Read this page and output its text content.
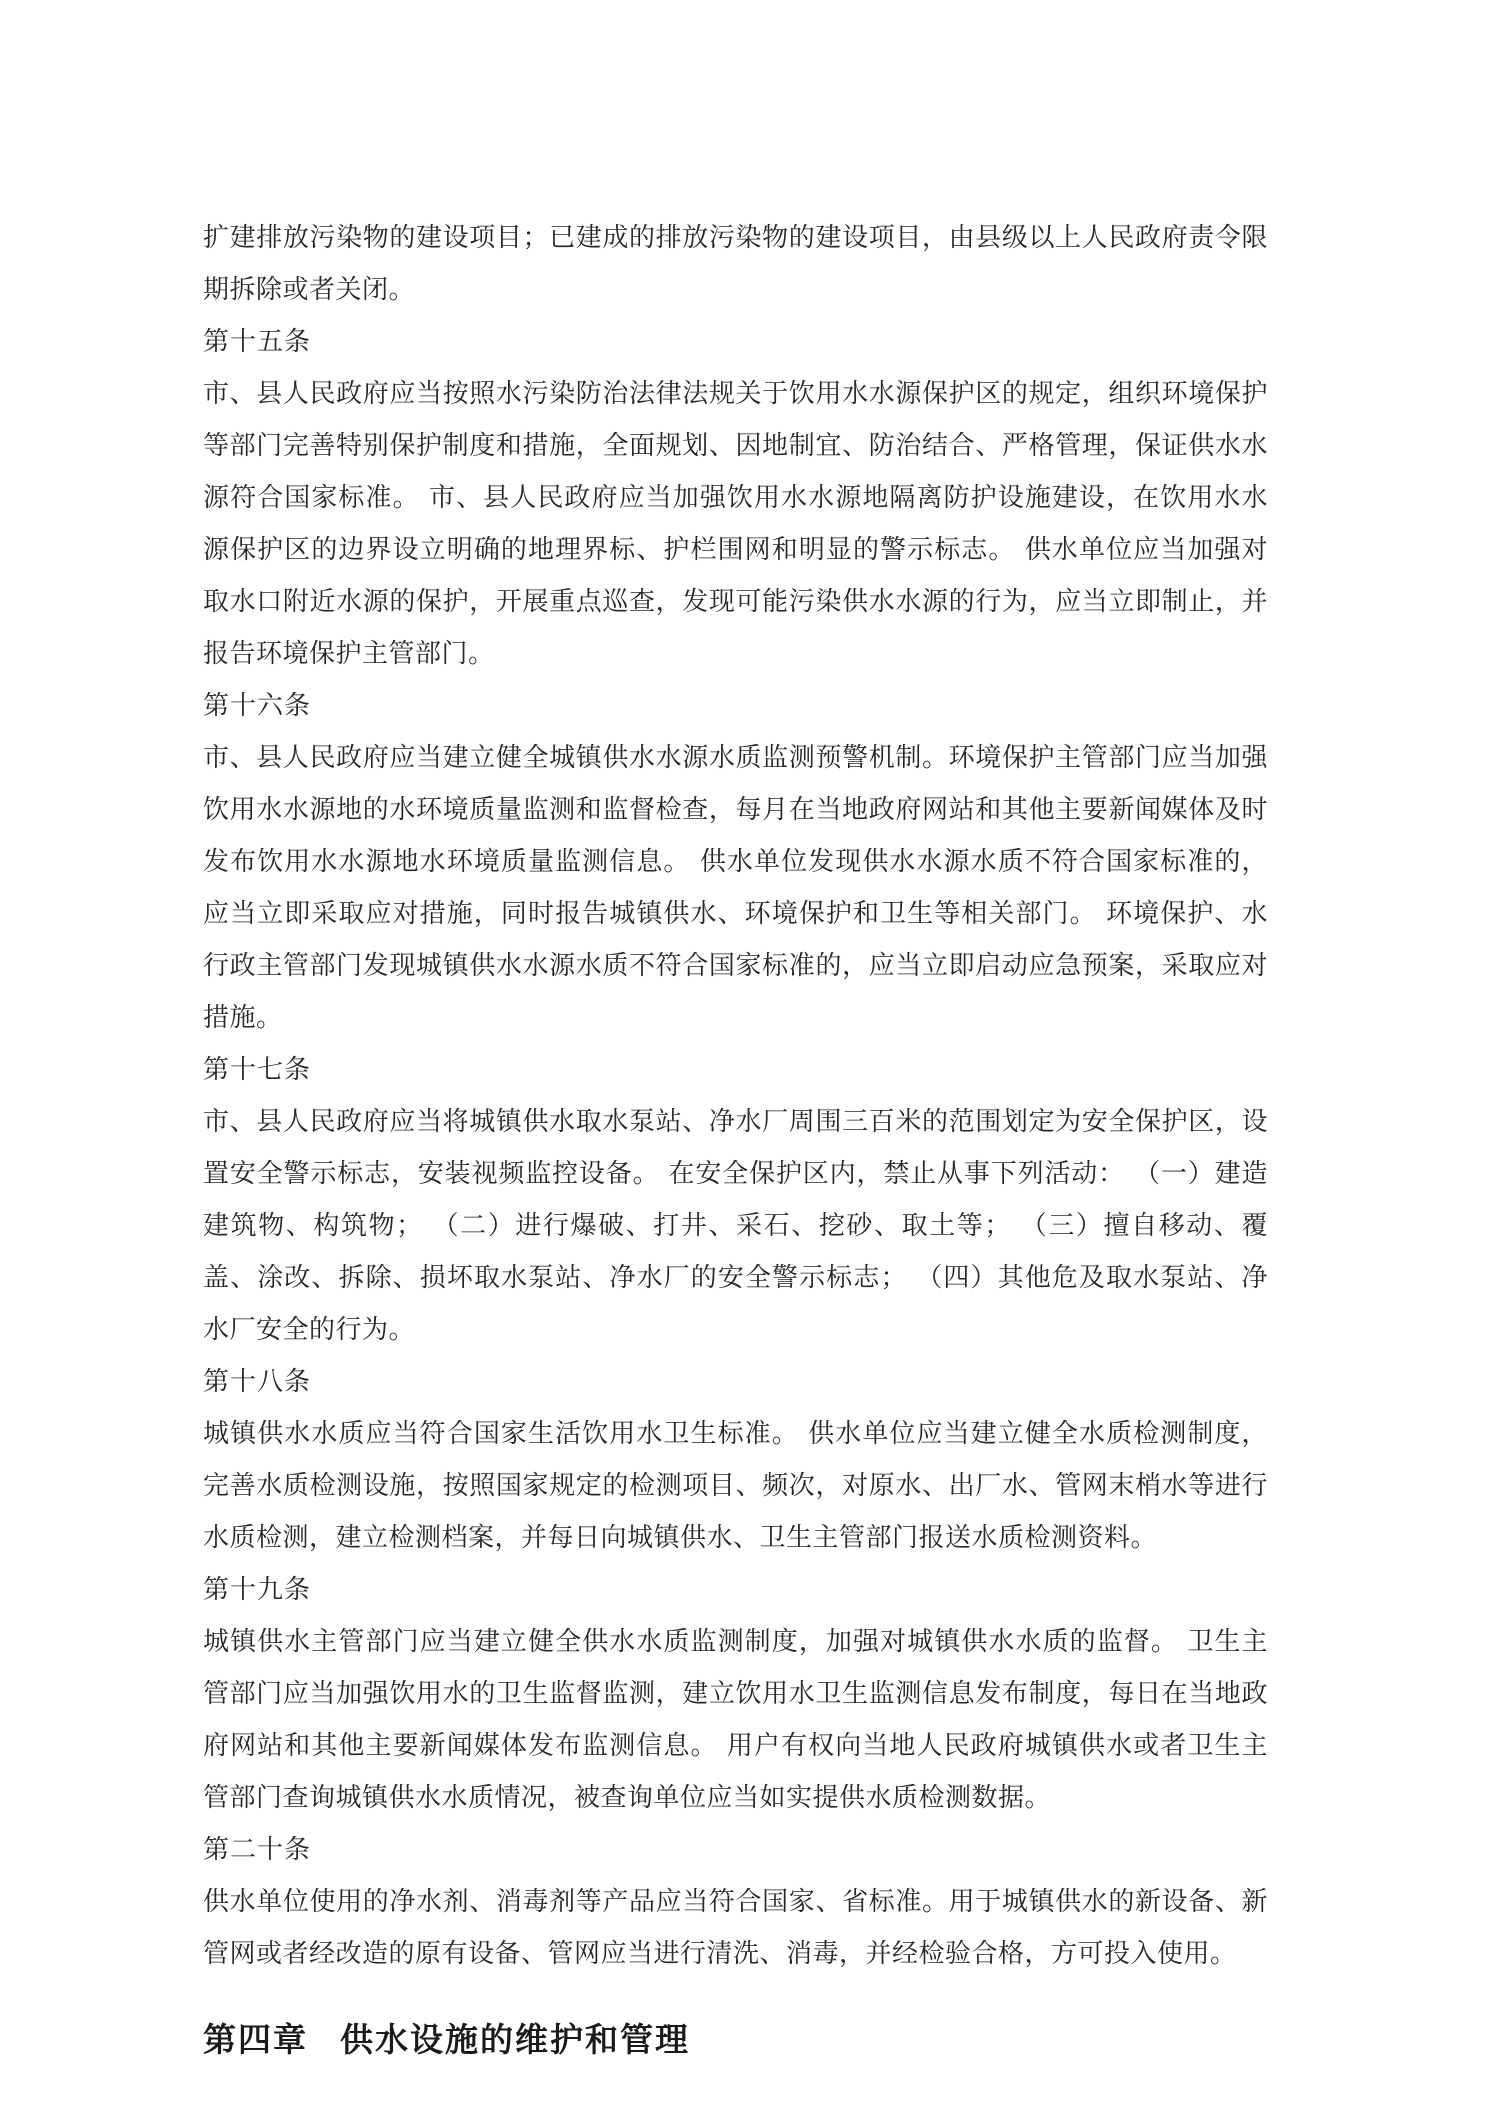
扩建排放污染物的建设项目；已建成的排放污染物的建设项目，由县级以上人民政府责令限期拆除或者关闭。

第十五条

市、县人民政府应当按照水污染防治法律法规关于饮用水水源保护区的规定，组织环境保护等部门完善特别保护制度和措施，全面规划、因地制宜、防治结合、严格管理，保证供水水源符合国家标准。 市、县人民政府应当加强饮用水水源地隔离防护设施建设，在饮用水水源保护区的边界设立明确的地理界标、护栏围网和明显的警示标志。 供水单位应当加强对取水口附近水源的保护，开展重点巡查，发现可能污染供水水源的行为，应当立即制止，并报告环境保护主管部门。

第十六条

市、县人民政府应当建立健全城镇供水水源水质监测预警机制。环境保护主管部门应当加强饮用水水源地的水环境质量监测和监督检查，每月在当地政府网站和其他主要新闻媒体及时发布饮用水水源地水环境质量监测信息。 供水单位发现供水水源水质不符合国家标准的，应当立即采取应对措施，同时报告城镇供水、环境保护和卫生等相关部门。 环境保护、水行政主管部门发现城镇供水水源水质不符合国家标准的，应当立即启动应急预案，采取应对措施。

第十七条

市、县人民政府应当将城镇供水取水泵站、净水厂周围三百米的范围划定为安全保护区，设置安全警示标志，安装视频监控设备。 在安全保护区内，禁止从事下列活动： （一）建造建筑物、构筑物； （二）进行爆破、打井、采石、挖砂、取土等； （三）擅自移动、覆盖、涂改、拆除、损坏取水泵站、净水厂的安全警示标志； （四）其他危及取水泵站、净水厂安全的行为。

第十八条

城镇供水水质应当符合国家生活饮用水卫生标准。 供水单位应当建立健全水质检测制度，完善水质检测设施，按照国家规定的检测项目、频次，对原水、出厂水、管网末梢水等进行水质检测，建立检测档案，并每日向城镇供水、卫生主管部门报送水质检测资料。

第十九条

城镇供水主管部门应当建立健全供水水质监测制度，加强对城镇供水水质的监督。 卫生主管部门应当加强饮用水的卫生监督监测，建立饮用水卫生监测信息发布制度，每日在当地政府网站和其他主要新闻媒体发布监测信息。 用户有权向当地人民政府城镇供水或者卫生主管部门查询城镇供水水质情况，被查询单位应当如实提供水质检测数据。

第二十条

供水单位使用的净水剂、消毒剂等产品应当符合国家、省标准。用于城镇供水的新设备、新管网或者经改造的原有设备、管网应当进行清洗、消毒，并经检验合格，方可投入使用。

第四章 供水设施的维护和管理
